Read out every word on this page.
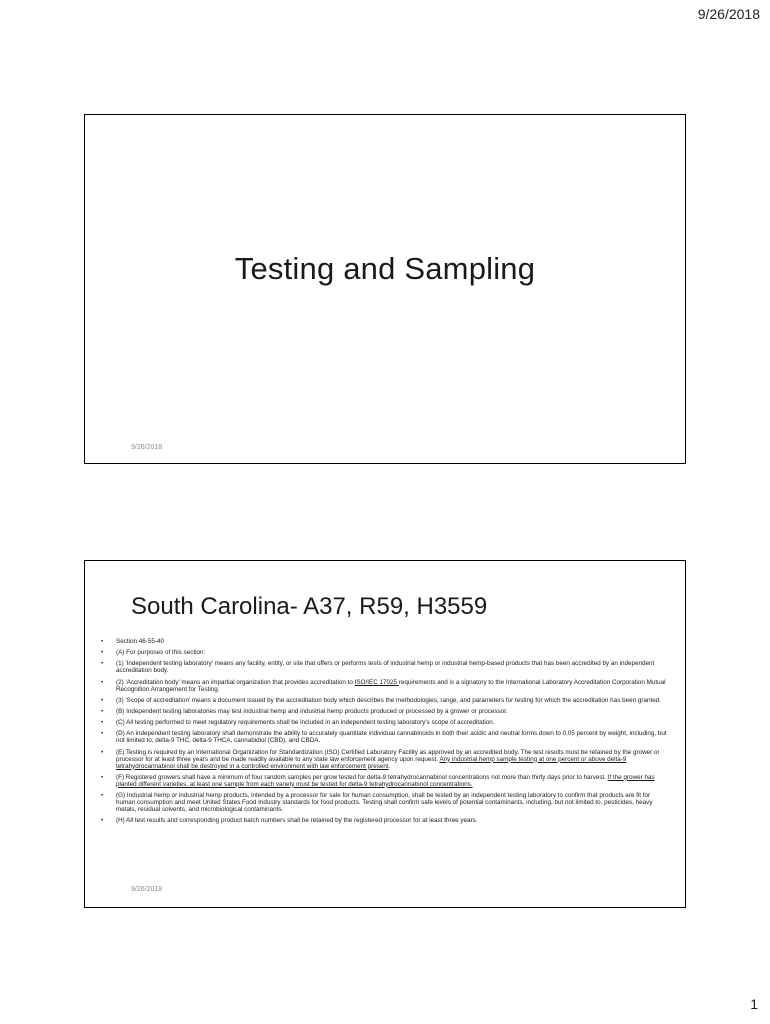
9/26/2018
Testing and Sampling
9/26/2018
South Carolina- A37, R59, H3559
• Section 46-55-40
• (A) For purposes of this section:
• (1) 'Independent testing laboratory' means any facility, entity, or site that offers or performs tests of industrial hemp or industrial hemp-based products that has been accredited by an independent accreditation body.
• (2) 'Accreditation body' means an impartial organization that provides accreditation to ISO/IEC 17025 requirements and is a signatory to the International Laboratory Accreditation Corporation Mutual Recognition Arrangement for Testing.
• (3) 'Scope of accreditation' means a document issued by the accreditation body which describes the methodologies, range, and parameters for testing for which the accreditation has been granted.
• (B) Independent testing laboratories may test industrial hemp and industrial hemp products produced or processed by a grower or processor.
• (C) All testing performed to meet regulatory requirements shall be included in an independent testing laboratory's scope of accreditation.
• (D) An independent testing laboratory shall demonstrate the ability to accurately quantitate individual cannabinoids in both their acidic and neutral forms down to 0.05 percent by weight, including, but not limited to, delta-9 THC, delta-9 THCA, cannabidiol (CBD), and CBDA.
• (E) Testing is required by an International Organization for Standardization (ISO) Certified Laboratory Facility as approved by an accredited body. The test results must be retained by the grower or processor for at least three years and be made readily available to any state law enforcement agency upon request. Any industrial hemp sample testing at one percent or above delta-9 tetrahydrocannabinol shall be destroyed in a controlled environment with law enforcement present.
• (F) Registered growers shall have a minimum of four random samples per grow tested for delta-9 tetrahydrocannabinol concentrations not more than thirty days prior to harvest. If the grower has planted different varieties, at least one sample from each variety must be tested for delta-9 tetrahydrocannabinol concentrations.
• (G) Industrial hemp or industrial hemp products, intended by a processor for sale for human consumption, shall be tested by an independent testing laboratory to confirm that products are fit for human consumption and meet United States Food Industry standards for food products. Testing shall confirm safe levels of potential contaminants, including, but not limited to, pesticides, heavy metals, residual solvents, and microbiological contaminants.
• (H) All test results and corresponding product batch numbers shall be retained by the registered processor for at least three years.
9/26/2018
1
